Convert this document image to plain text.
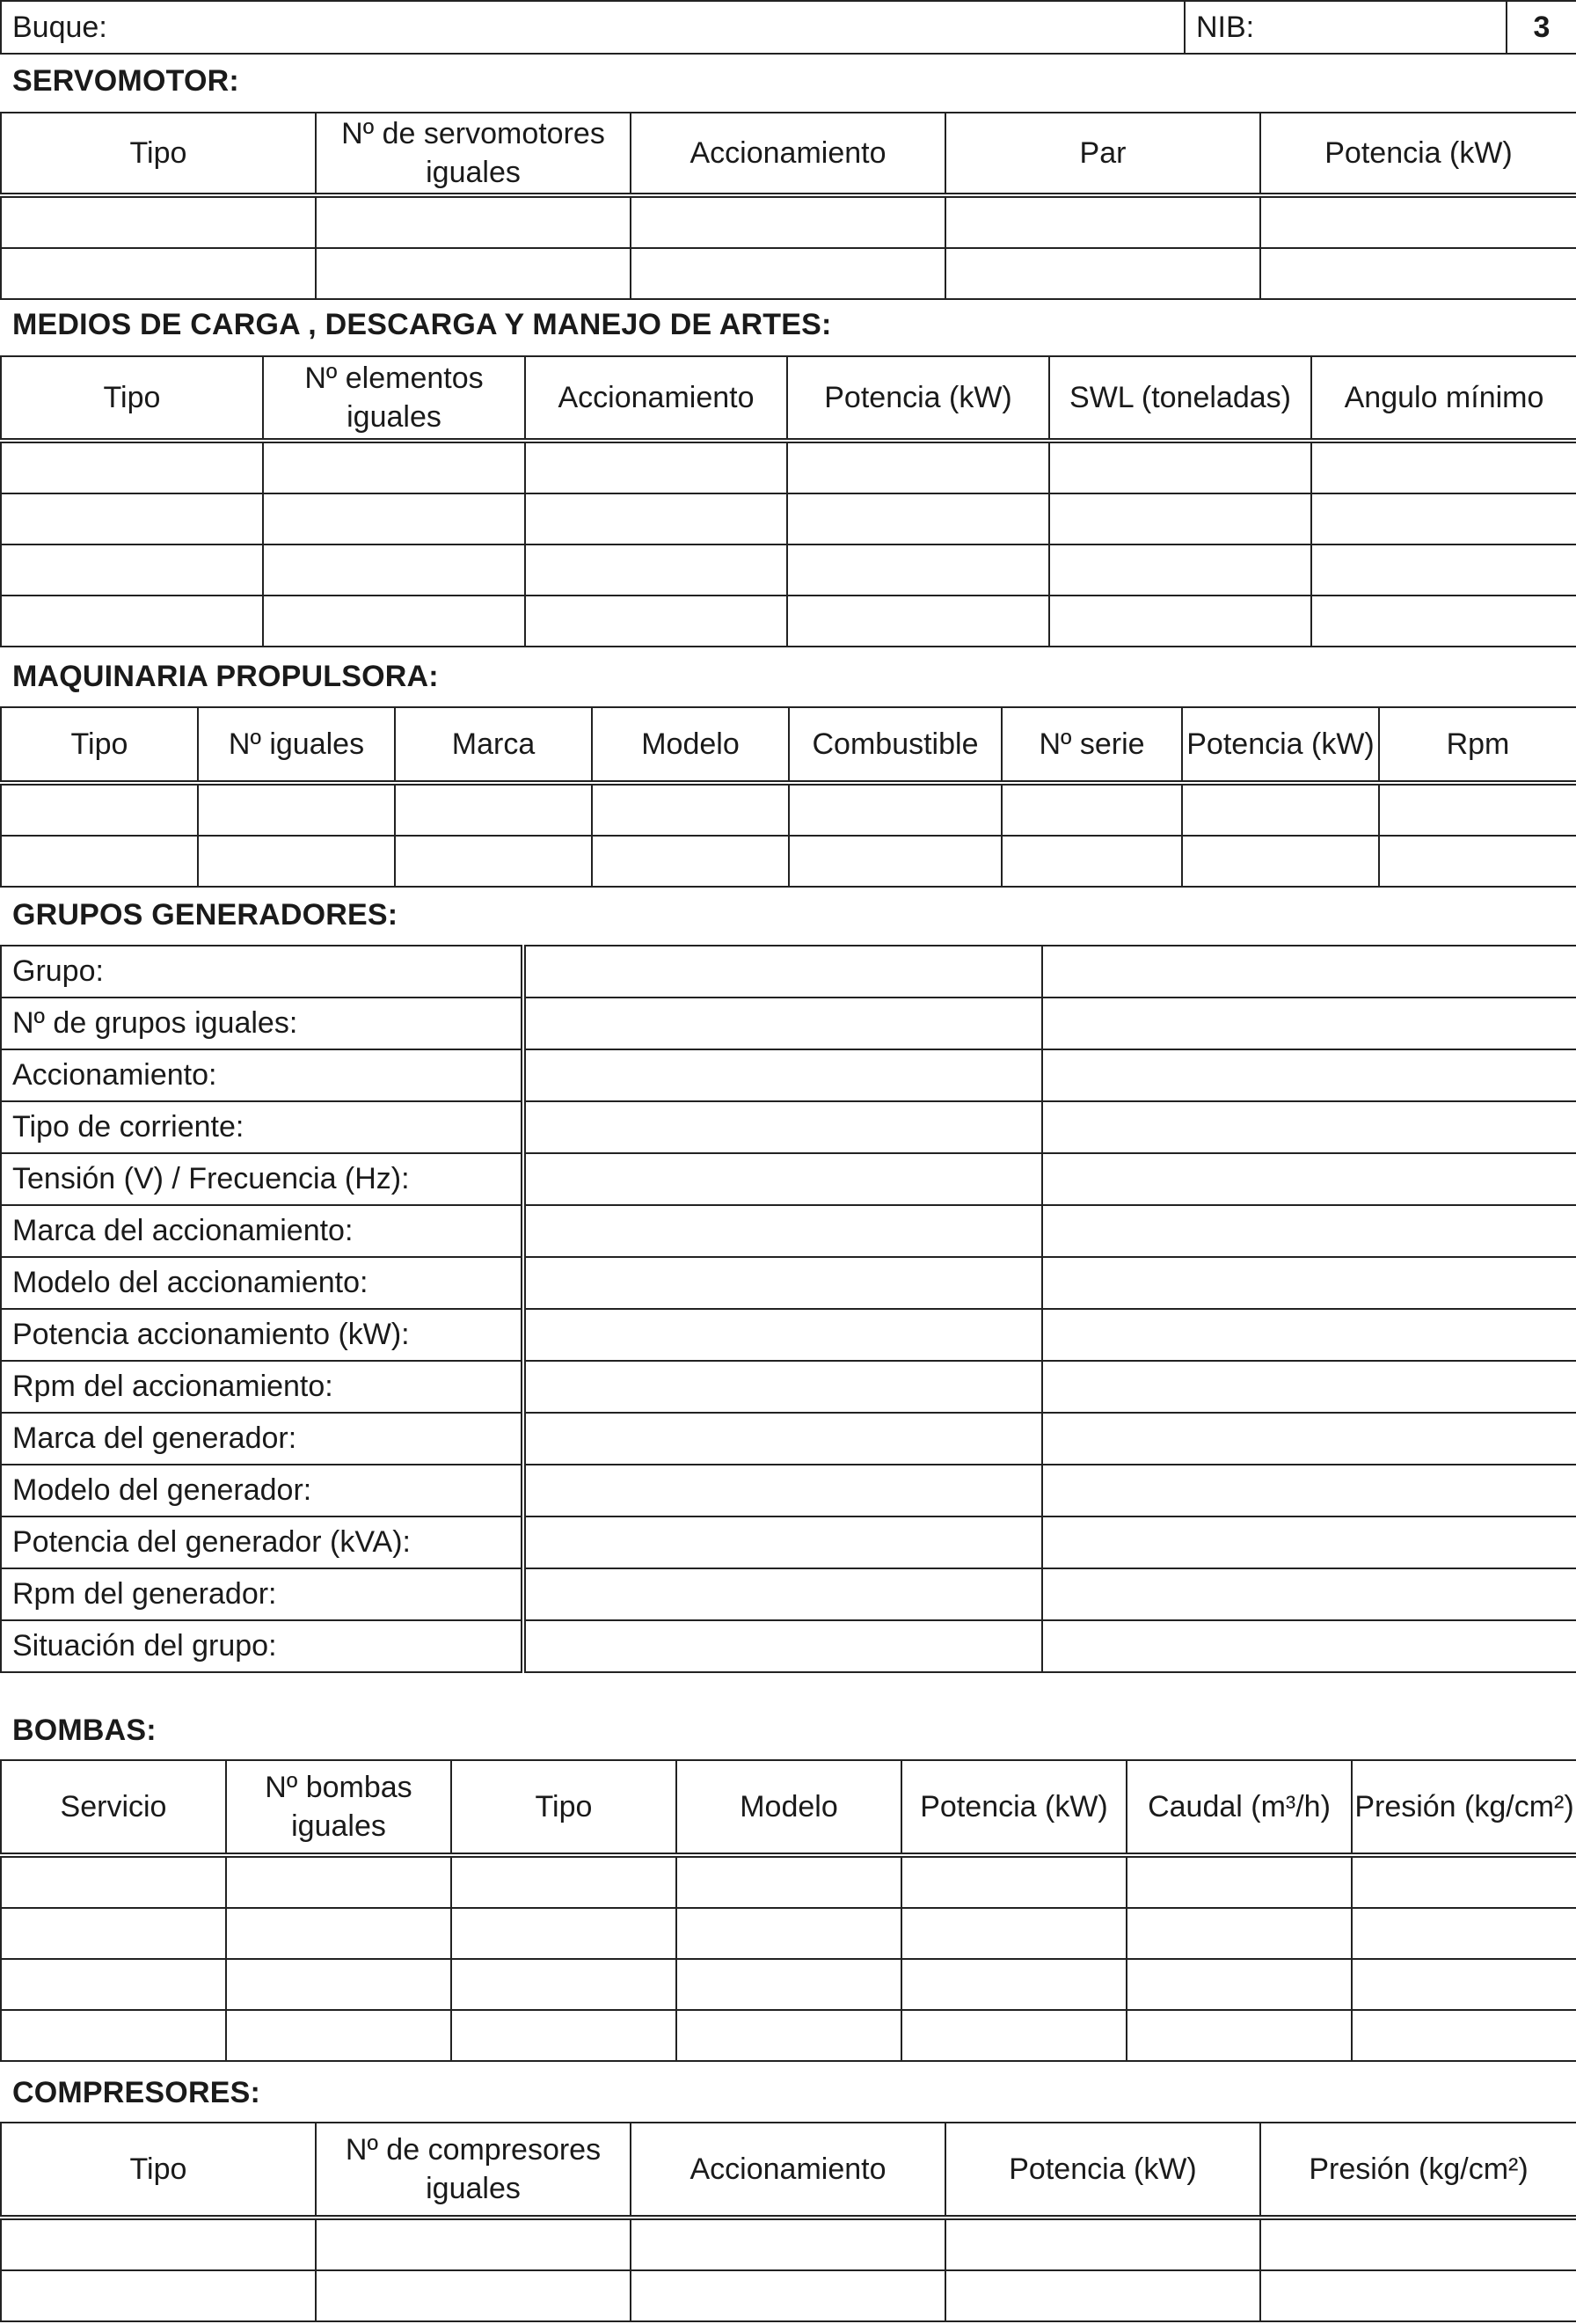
Buque:	NIB:	3
SERVOMOTOR:
Tipo	Nº de servomotores iguales	Accionamiento	Par	Potencia (kW)

MEDIOS DE CARGA , DESCARGA Y MANEJO DE ARTES:
Tipo	Nº elementos iguales	Accionamiento	Potencia (kW)	SWL (toneladas)	Angulo mínimo

MAQUINARIA PROPULSORA:
Tipo	Nº iguales	Marca	Modelo	Combustible	Nº serie	Potencia (kW)	Rpm

GRUPOS GENERADORES:
Grupo:		
Nº de grupos iguales:		
Accionamiento:		
Tipo de corriente:		
Tensión (V) / Frecuencia (Hz):		
Marca del accionamiento:		
Modelo del accionamiento:		
Potencia accionamiento (kW):		
Rpm del accionamiento:		
Marca del generador:		
Modelo del generador:		
Potencia del generador (kVA):		
Rpm del generador:		
Situación del grupo:		
BOMBAS:
Servicio	Nº bombas iguales	Tipo	Modelo	Potencia (kW)	Caudal (m³/h)	Presión (kg/cm²)

COMPRESORES:
Tipo	Nº de compresores iguales	Accionamiento	Potencia (kW)	Presión (kg/cm²)
